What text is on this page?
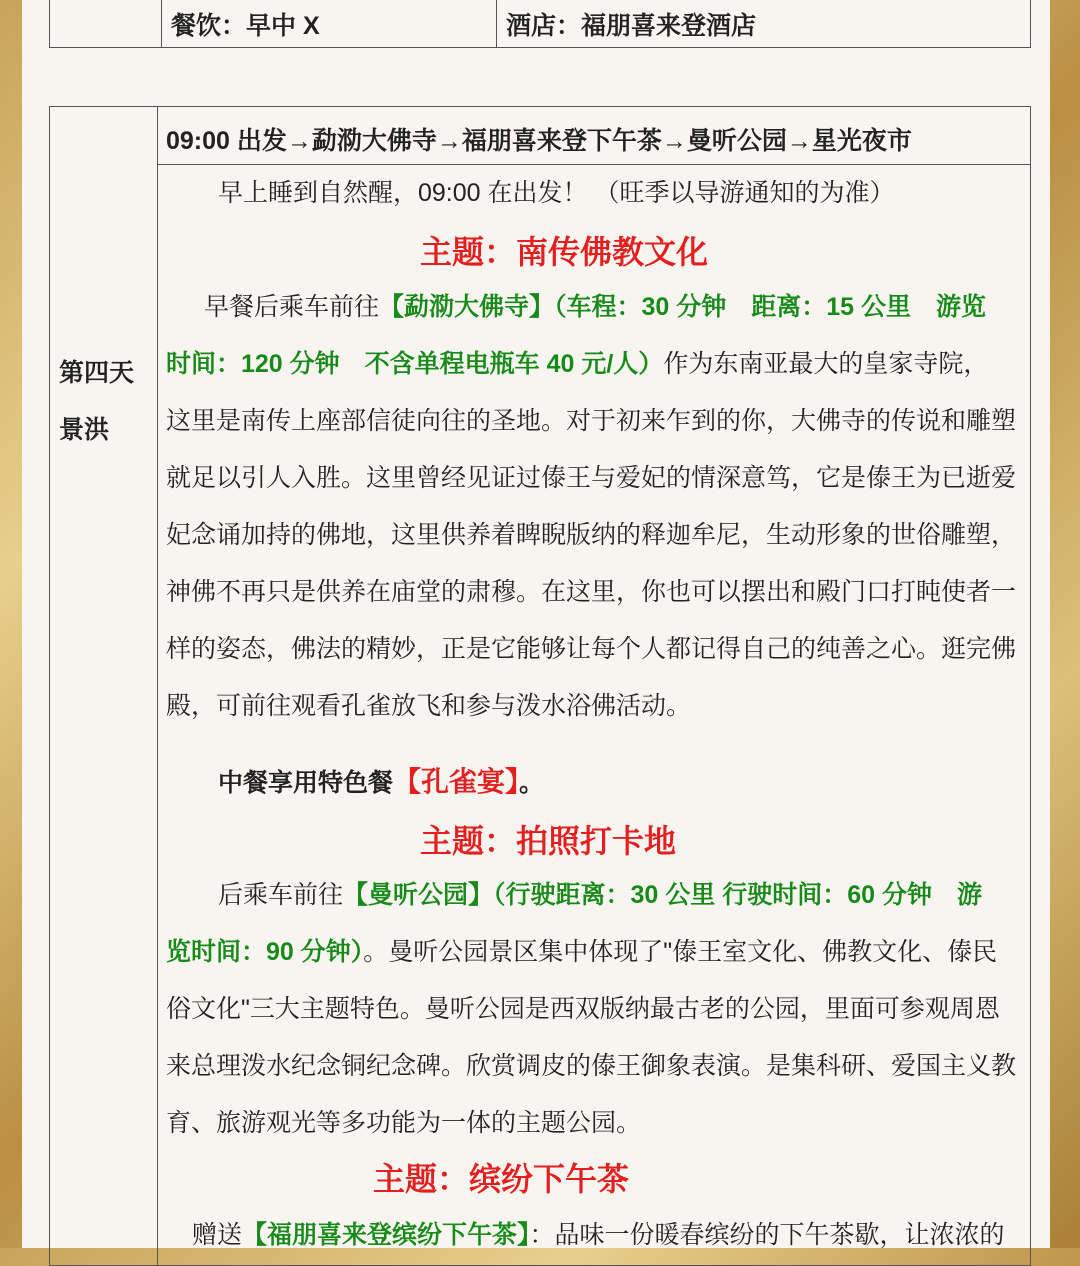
餐饮：早中 X	酒店：福朋喜来登酒店
第四天
景洪
09:00 出发→勐泐大佛寺→福朋喜来登下午茶→曼听公园→星光夜市
早上睡到自然醒，09:00 在出发！ （旺季以导游通知的为准）
主题：南传佛教文化
早餐后乘车前往【勐泐大佛寺】（车程：30 分钟　距离：15 公里　游览
时间：120 分钟　不含单程电瓶车 40 元/人）作为东南亚最大的皇家寺院，
这里是南传上座部信徒向往的圣地。对于初来乍到的你，大佛寺的传说和雕塑
就足以引人入胜。这里曾经见证过傣王与爱妃的情深意笃，它是傣王为已逝爱
妃念诵加持的佛地，这里供养着睥睨版纳的释迦牟尼，生动形象的世俗雕塑，
神佛不再只是供养在庙堂的肃穆。在这里，你也可以摆出和殿门口打盹使者一
样的姿态，佛法的精妙，正是它能够让每个人都记得自己的纯善之心。逛完佛
殿，可前往观看孔雀放飞和参与泼水浴佛活动。
中餐享用特色餐【孔雀宴】。
主题：拍照打卡地
后乘车前往【曼听公园】（行驶距离：30 公里 行驶时间：60 分钟　游
览时间：90 分钟）。曼听公园景区集中体现了"傣王室文化、佛教文化、傣民
俗文化"三大主题特色。曼听公园是西双版纳最古老的公园，里面可参观周恩
来总理泼水纪念铜纪念碑。欣赏调皮的傣王御象表演。是集科研、爱国主义教
育、旅游观光等多功能为一体的主题公园。
主题：缤纷下午茶
赠送【福朋喜来登缤纷下午茶】：品味一份暖春缤纷的下午茶歇，让浓浓的
